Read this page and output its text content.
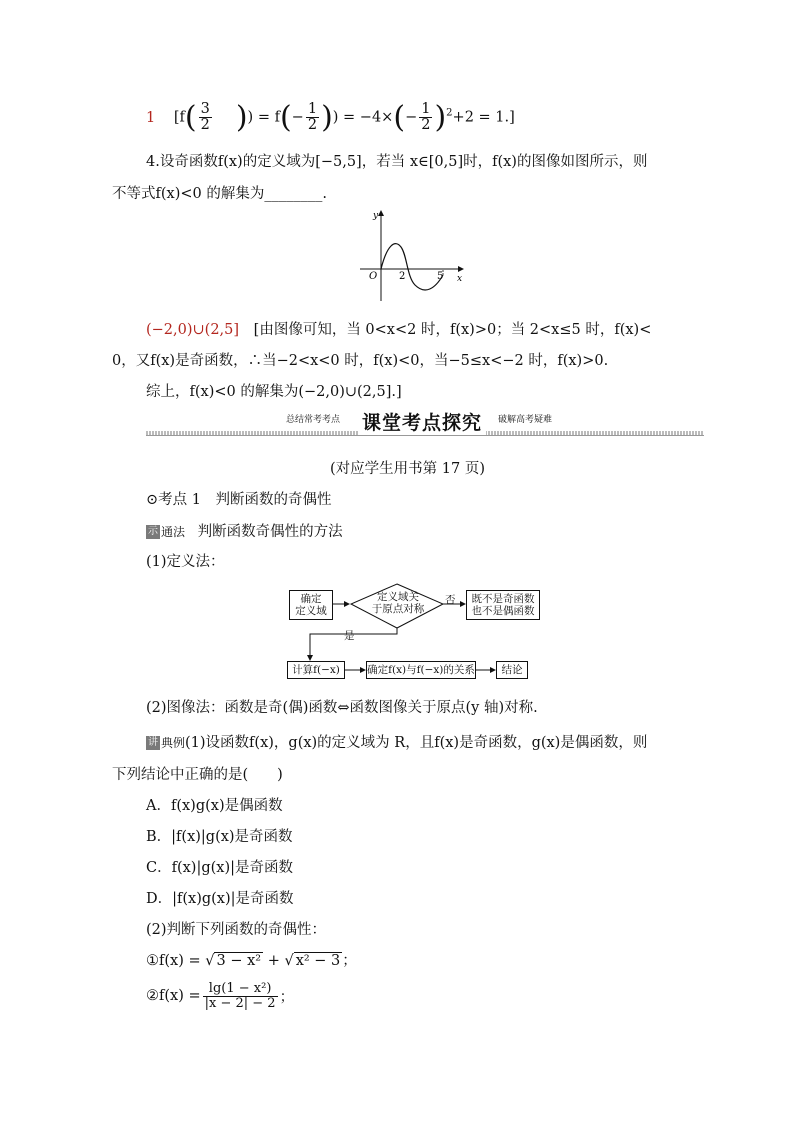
1 [$f( \frac{3}{2}$ )) = $f(- \frac{1}{2}$ )) = $-4\times(- \frac{1}{2} )^2+2 = 1$.]
4.设奇函数f(x)的定义域为[−5,5]，若当 x∈[0,5]时，f(x)的图像如图所示，则
不等式f(x)<0 的解集为________.
y
x
O 2	5
(−2,0)∪(2,5] [由图像可知，当 0<x<2 时，f(x)>0；当 2<x≤5 时，f(x)<
0，又f(x)是奇函数，∴当−2<x<0 时，f(x)<0，当−5≤x<−2 时，f(x)>0.
综上，f(x)<0 的解集为(−2,0)∪(2,5].]
总结常考考点 课堂考点探究	破解高考疑难
(对应学生用书第 17 页)
⊙考点 1　判断函数的奇偶性
示 通法 判断函数奇偶性的方法
(1)定义法：
确定
定义域
定义域关
于原点对称
否 既不是奇函数
也不是偶函数
是
计算f(−x)	确定f(x)与f(−x)的关系	结论
(2)图像法：函数是奇(偶)函数⇔函数图像关于原点(y 轴)对称.
讲 典例(1)设函数f(x)，g(x)的定义域为 R，且f(x)是奇函数，g(x)是偶函数，则
下列结论中正确的是(　　)
A．f(x)g(x)是偶函数
B．|f(x)|g(x)是奇函数
C．f(x)|g(x)|是奇函数
D．|f(x)g(x)|是奇函数
(2)判断下列函数的奇偶性：
①f(x) = √ 3 − x² + √ x² − 3 ；
②f(x) = $\frac{\text{lg(1 − x²)}}{|x - 2| - 2}$ ；
